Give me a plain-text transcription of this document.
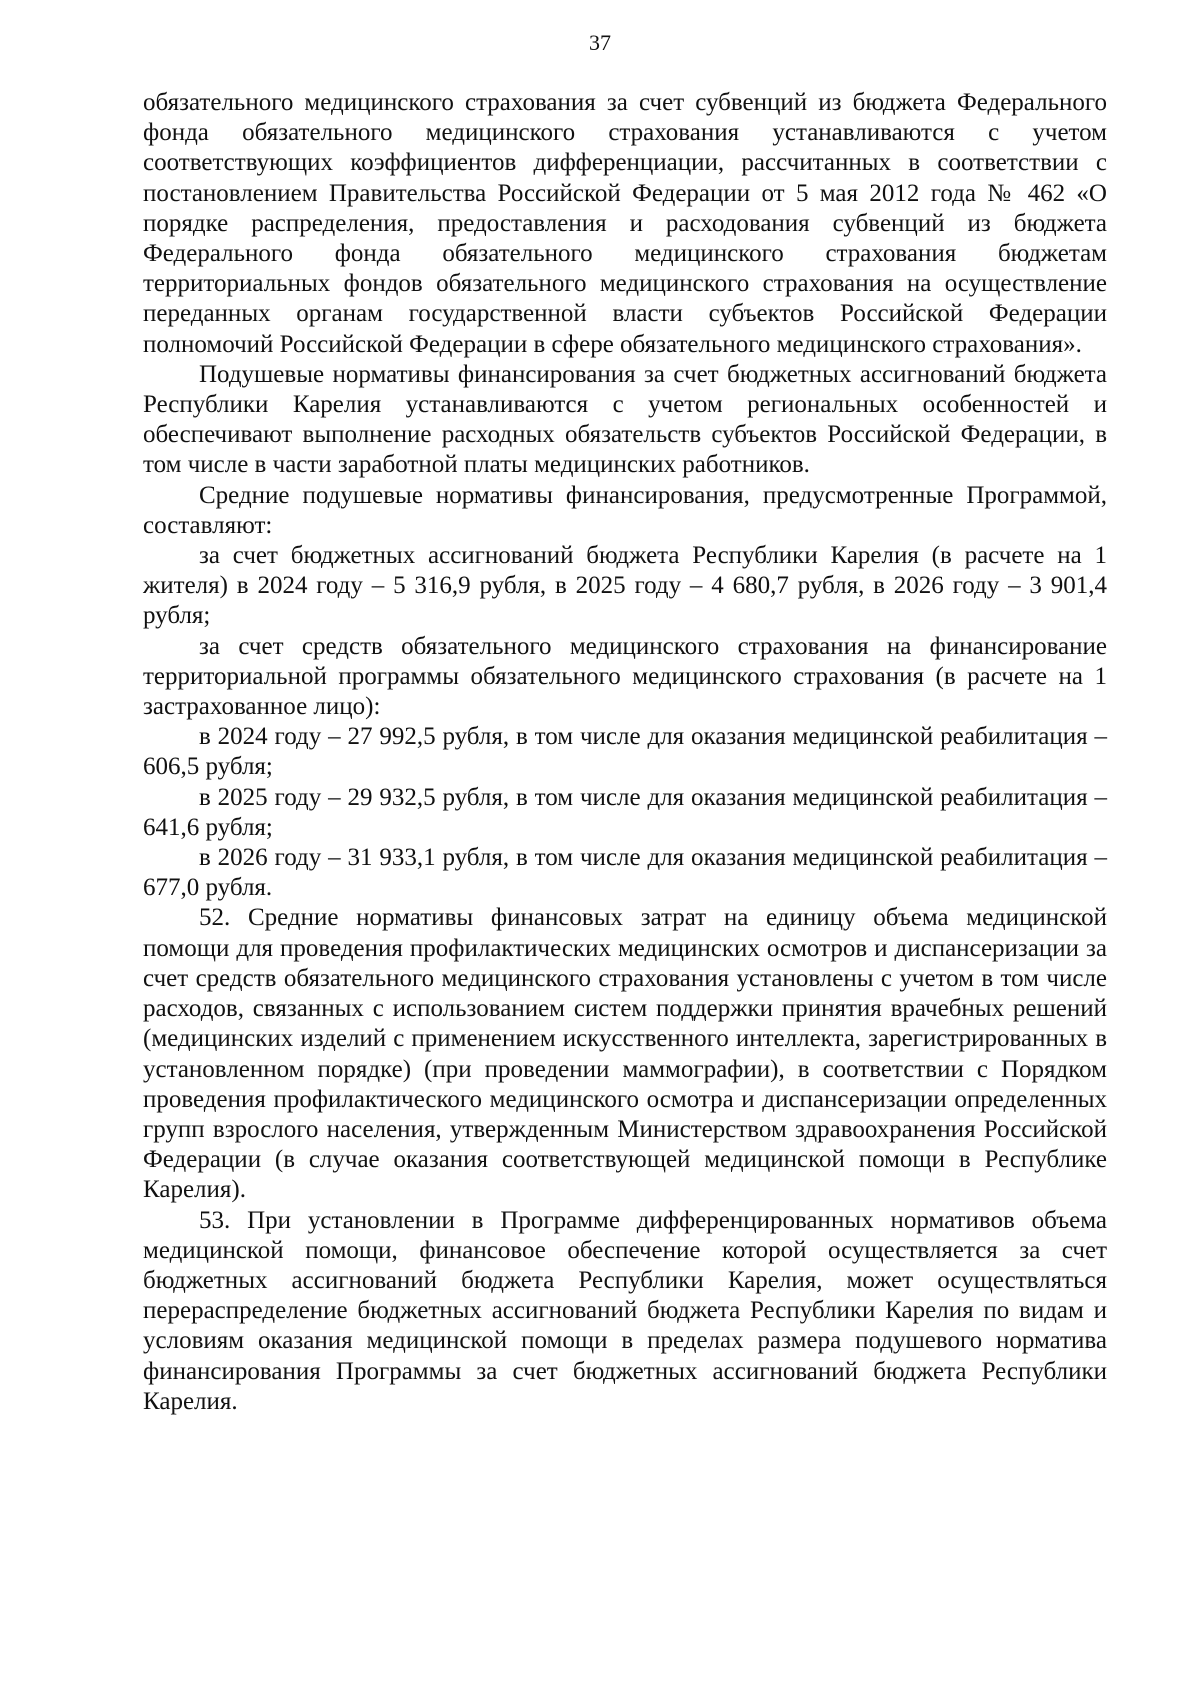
37

обязательного медицинского страхования за счет субвенций из бюджета Федерального фонда обязательного медицинского страхования устанавливаются с учетом соответствующих коэффициентов дифференциации, рассчитанных в соответствии с постановлением Правительства Российской Федерации от 5 мая 2012 года № 462 «О порядке распределения, предоставления и расходования субвенций из бюджета Федерального фонда обязательного медицинского страхования бюджетам территориальных фондов обязательного медицинского страхования на осуществление переданных органам государственной власти субъектов Российской Федерации полномочий Российской Федерации в сфере обязательного медицинского страхования».

Подушевые нормативы финансирования за счет бюджетных ассигнований бюджета Республики Карелия устанавливаются с учетом региональных особенностей и обеспечивают выполнение расходных обязательств субъектов Российской Федерации, в том числе в части заработной платы медицинских работников.

Средние подушевые нормативы финансирования, предусмотренные Программой, составляют:

за счет бюджетных ассигнований бюджета Республики Карелия (в расчете на 1 жителя) в 2024 году – 5 316,9 рубля, в 2025 году – 4 680,7 рубля, в 2026 году – 3 901,4 рубля;

за счет средств обязательного медицинского страхования на финансирование территориальной программы обязательного медицинского страхования (в расчете на 1 застрахованное лицо):

в 2024 году – 27 992,5 рубля, в том числе для оказания медицинской реабилитация – 606,5 рубля;

в 2025 году – 29 932,5 рубля, в том числе для оказания медицинской реабилитация – 641,6 рубля;

в 2026 году – 31 933,1 рубля, в том числе для оказания медицинской реабилитация – 677,0 рубля.

52. Средние нормативы финансовых затрат на единицу объема медицинской помощи для проведения профилактических медицинских осмотров и диспансеризации за счет средств обязательного медицинского страхования установлены с учетом в том числе расходов, связанных с использованием систем поддержки принятия врачебных решений (медицинских изделий с применением искусственного интеллекта, зарегистрированных в установленном порядке) (при проведении маммографии), в соответствии с Порядком проведения профилактического медицинского осмотра и диспансеризации определенных групп взрослого населения, утвержденным Министерством здравоохранения Российской Федерации (в случае оказания соответствующей медицинской помощи в Республике Карелия).

53. При установлении в Программе дифференцированных нормативов объема медицинской помощи, финансовое обеспечение которой осуществляется за счет бюджетных ассигнований бюджета Республики Карелия, может осуществляться перераспределение бюджетных ассигнований бюджета Республики Карелия по видам и условиям оказания медицинской помощи в пределах размера подушевого норматива финансирования Программы за счет бюджетных ассигнований бюджета Республики Карелия.
